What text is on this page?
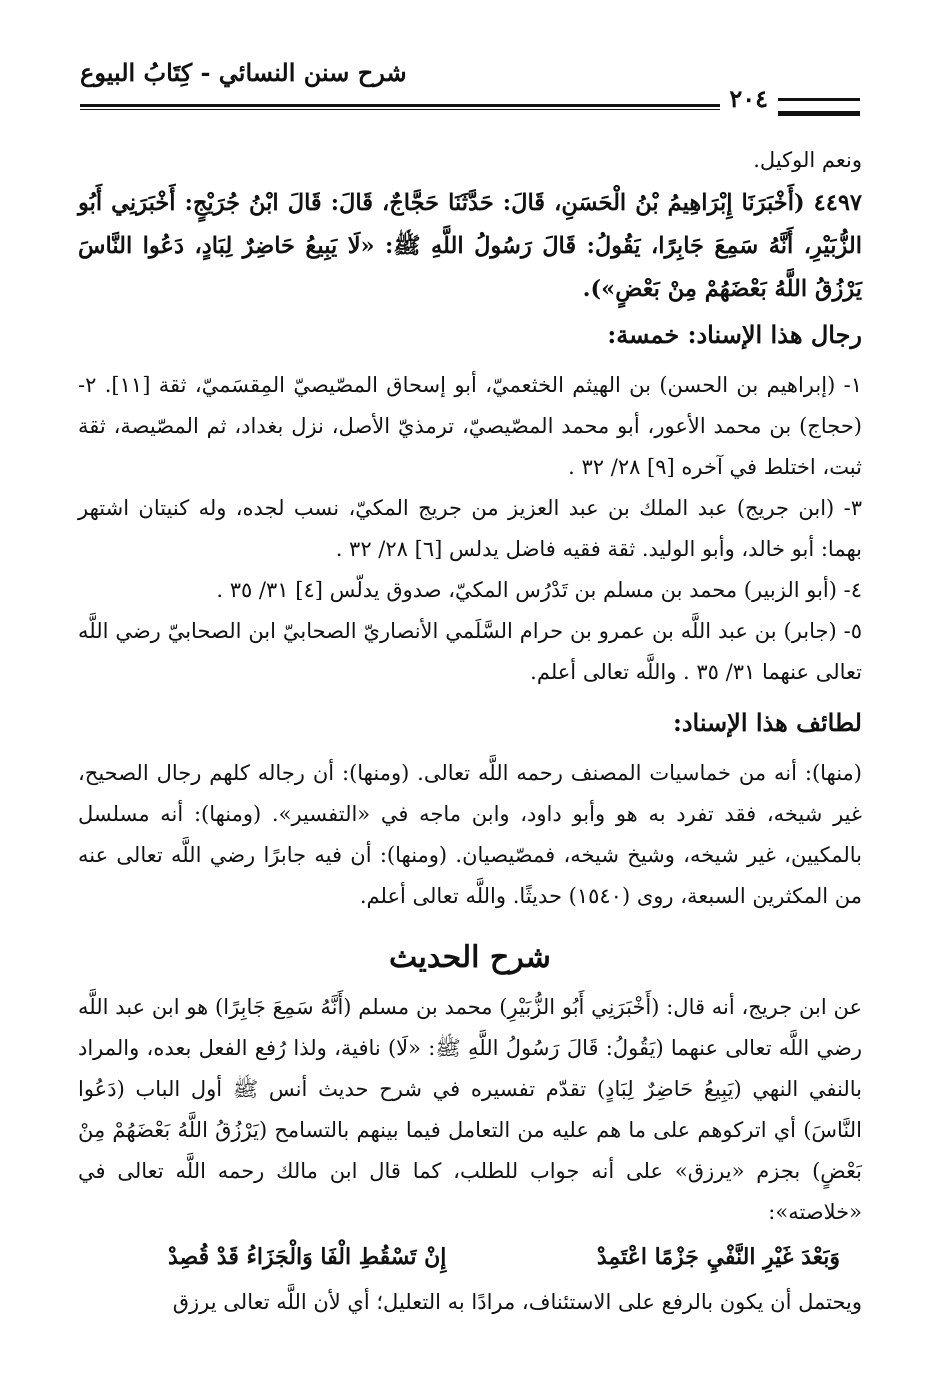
شرح سنن النسائي - كِتَابُ البيوع
٢٠٤

ونعم الوكيل.

٤٤٩٧ (أَخْبَرَنَا إِبْرَاهِيمُ بْنُ الْحَسَنِ، قَالَ: حَدَّثَنَا حَجَّاجٌ، قَالَ: قَالَ ابْنُ جُرَيْجٍ: أَخْبَرَنِي أَبُو الزُّبَيْرِ، أَنَّهُ سَمِعَ جَابِرًا، يَقُولُ: قَالَ رَسُولُ اللَّهِ ﷺ: «لَا يَبِيعُ حَاضِرٌ لِبَادٍ، دَعُوا النَّاسَ يَرْزُقُ اللَّهُ بَعْضَهُمْ مِنْ بَعْضٍ»).

رجال هذا الإسناد: خمسة:

١- (إبراهيم بن الحسن) بن الهيثم الخثعميّ، أبو إسحاق المصّيصيّ المِقسَميّ، ثقة [١١]. ٢- (حجاج) بن محمد الأعور، أبو محمد المصّيصيّ، ترمذيّ الأصل، نزل بغداد، ثم المصّيصة، ثقة ثبت، اختلط في آخره [٩] ٢٨/ ٣٢ .

٣- (ابن جريج) عبد الملك بن عبد العزيز من جريج المكيّ، نسب لجده، وله كنيتان اشتهر بهما: أبو خالد، وأبو الوليد. ثقة فقيه فاضل يدلس [٦] ٢٨/ ٣٢ .

٤- (أبو الزبير) محمد بن مسلم بن تَدْرُس المكيّ، صدوق يدلّس [٤] ٣١/ ٣٥ .

٥- (جابر) بن عبد اللَّه بن عمرو بن حرام السَّلَمي الأنصاريّ الصحابيّ ابن الصحابيّ رضي اللَّه تعالى عنهما ٣١/ ٣٥ . واللَّه تعالى أعلم.

لطائف هذا الإسناد:

(منها): أنه من خماسيات المصنف رحمه اللَّه تعالى. (ومنها): أن رجاله كلهم رجال الصحيح، غير شيخه، فقد تفرد به هو وأبو داود، وابن ماجه في «التفسير». (ومنها): أنه مسلسل بالمكيين، غير شيخه، وشيخ شيخه، فمصّيصيان. (ومنها): أن فيه جابرًا رضي اللَّه تعالى عنه من المكثرين السبعة، روى (١٥٤٠) حديثًا. واللَّه تعالى أعلم.

شرح الحديث

عن ابن جريج، أنه قال: (أَخْبَرَنِي أَبُو الزُّبَيْرِ) محمد بن مسلم (أَنَّهُ سَمِعَ جَابِرًا) هو ابن عبد اللَّه رضي اللَّه تعالى عنهما (يَقُولُ: قَالَ رَسُولُ اللَّهِ ﷺ: «لَا) نافية، ولذا رُفع الفعل بعده، والمراد بالنفي النهي (يَبِيعُ حَاضِرٌ لِبَادٍ) تقدّم تفسيره في شرح حديث أنس ﷺ أول الباب (دَعُوا النَّاسَ) أي اتركوهم على ما هم عليه من التعامل فيما بينهم بالتسامح (يَرْزُقُ اللَّهُ بَعْضَهُمْ مِنْ بَعْضٍ) بجزم «يرزق» على أنه جواب للطلب، كما قال ابن مالك رحمه اللَّه تعالى في «خلاصته»:

وَبَعْدَ غَيْرِ النَّفْيِ جَزْمًا اعْتَمِدْ
إِنْ تَسْقُطِ الْفَا وَالْجَزَاءُ قَدْ قُصِدْ

ويحتمل أن يكون بالرفع على الاستئناف، مرادًا به التعليل؛ أي لأن اللَّه تعالى يرزق
